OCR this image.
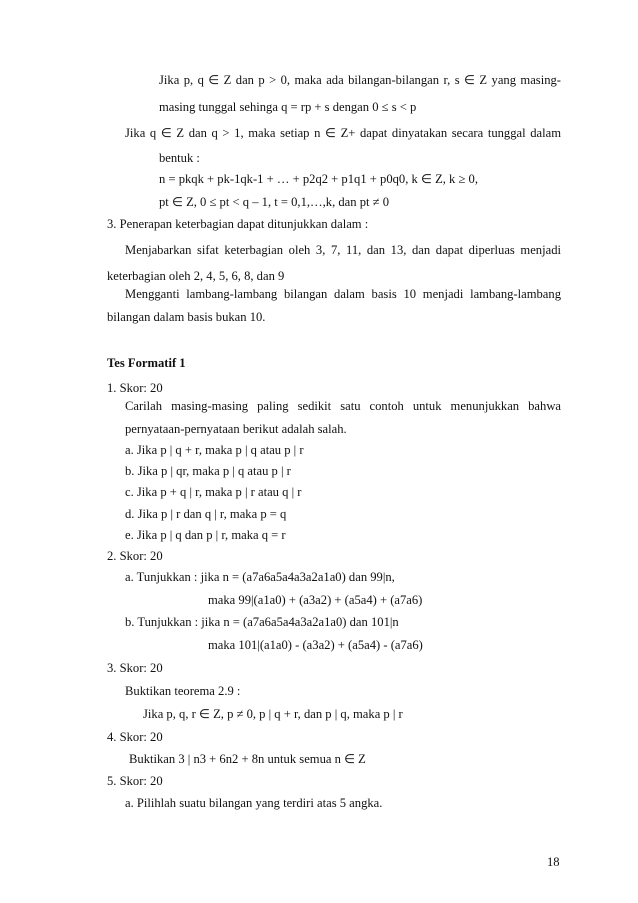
Jika p, q ∈ Z dan p > 0, maka ada bilangan-bilangan r, s ∈ Z yang masing-
masing tunggal sehinga q = rp + s dengan 0 ≤ s < p
Jika q ∈ Z dan q > 1, maka setiap n ∈ Z+ dapat dinyatakan secara tunggal dalam
bentuk :
n = pkqk + pk-1qk-1 + … + p2q2 + p1q1 + p0q0, k ∈ Z, k ≥ 0,
pt ∈ Z, 0 ≤ pt < q – 1, t = 0,1,…,k, dan pt ≠ 0
3. Penerapan keterbagian dapat ditunjukkan dalam :
Menjabarkan sifat keterbagian oleh 3, 7, 11, dan 13, dan dapat diperluas menjadi
keterbagian oleh 2, 4, 5, 6, 8, dan 9
Mengganti lambang-lambang bilangan dalam basis 10 menjadi lambang-lambang
bilangan dalam basis bukan 10.
Tes Formatif 1
1. Skor: 20
Carilah masing-masing paling sedikit satu contoh untuk menunjukkan bahwa
pernyataan-pernyataan berikut adalah salah.
a. Jika p | q + r, maka p | q atau p | r
b. Jika p | qr, maka p | q atau p | r
c. Jika p + q | r, maka p | r atau q | r
d. Jika p | r dan q | r, maka p = q
e. Jika p | q dan p | r, maka q = r
2. Skor: 20
a. Tunjukkan : jika n = (a7a6a5a4a3a2a1a0) dan 99|n,
maka 99|(a1a0) + (a3a2) + (a5a4) + (a7a6)
b. Tunjukkan : jika n = (a7a6a5a4a3a2a1a0) dan 101|n
maka 101|(a1a0) - (a3a2) + (a5a4) - (a7a6)
3. Skor: 20
Buktikan teorema 2.9 :
Jika p, q, r ∈ Z, p ≠ 0, p | q + r, dan p | q, maka p | r
4. Skor: 20
Buktikan 3 | n3 + 6n2 + 8n untuk semua n ∈ Z
5. Skor: 20
a. Pilihlah suatu bilangan yang terdiri atas 5 angka.
18
